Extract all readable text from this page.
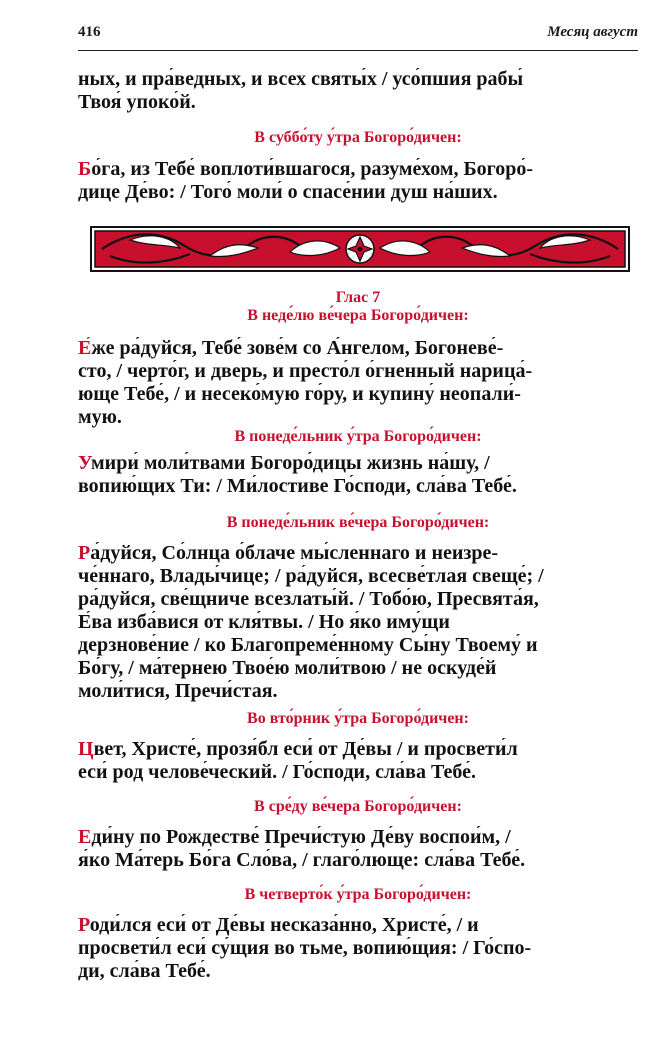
416	Месяц август
ных, и пра́ведных, и всех святы́х / усо́пшия рабы́
Твоя́ упоко́й.
В суббо́ту у́тра Богоро́дичен:
Бо́га, из Тебе́ воплоти́вшагося, разуме́хом, Богоро́-
дице Де́во: / Того́ моли́ о спасе́нии душ на́ших.
Глас 7
В неде́лю ве́чера Богоро́дичен:
Е́же ра́дуйся, Тебе́ зове́м со А́нгелом, Богоневе́-
сто, / черто́г, и дверь, и престо́л о́гненный нарица́-
юще Тебе́, / и несеко́мую го́ру, и купину́ неопали́-
мую.
В понеде́льник у́тра Богоро́дичен:
Умири́ моли́твами Богоро́дицы жизнь на́шу, /
вопию́щих Ти: / Ми́лостиве Го́споди, сла́ва Тебе́.
В понеде́льник ве́чера Богоро́дичен:
Ра́дуйся, Со́лнца о́блаче мы́сленнаго и неизре-
че́ннаго, Влады́чице; / ра́дуйся, всесве́тлая свеще́; /
ра́дуйся, све́щниче всезлаты́й. / Тобо́ю, Пресвята́я,
Е́ва изба́вися от кля́твы. / Но я́ко иму́щи
дерзнове́ние / ко Благопреме́нному Сы́ну Твоему́ и
Бо́гу, / ма́тернею Твое́ю моли́твою / не оскуде́й
моли́тися, Пречи́стая.
Во вто́рник у́тра Богоро́дичен:
Цвет, Христе́, прозя́бл еси́ от Де́вы / и просвети́л
еси́ род челове́ческий. / Го́споди, сла́ва Тебе́.
В сре́ду ве́чера Богоро́дичен:
Еди́ну по Рождестве́ Пречи́стую Де́ву воспои́м, /
я́ко Ма́терь Бо́га Сло́ва, / глаго́люще: сла́ва Тебе́.
В четверто́к у́тра Богоро́дичен:
Роди́лся еси́ от Де́вы несказа́нно, Христе́, / и
просвети́л еси́ су́щия во тьме, вопию́щия: / Го́спо-
ди, сла́ва Тебе́.
